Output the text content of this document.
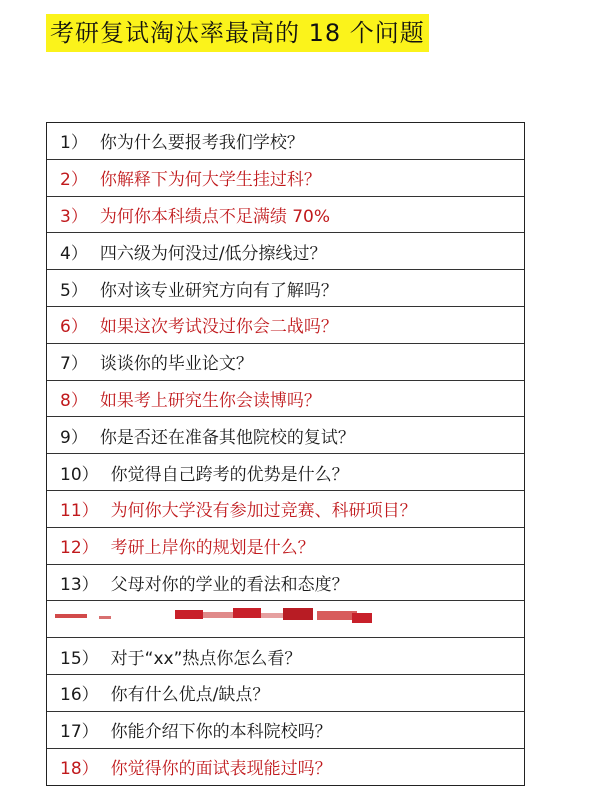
考研复试淘汰率最高的 18 个问题
1） 你为什么要报考我们学校？
2） 你解释下为何大学生挂过科？
3） 为何你本科绩点不足满绩 70%
4） 四六级为何没过/低分擦线过？
5） 你对该专业研究方向有了解吗？
6） 如果这次考试没过你会二战吗？
7） 谈谈你的毕业论文？
8） 如果考上研究生你会读博吗？
9） 你是否还在准备其他院校的复试？
10） 你觉得自己跨考的优势是什么？
11） 为何你大学没有参加过竞赛、科研项目？
12） 考研上岸你的规划是什么？
13） 父母对你的学业的看法和态度？
15） 对于“xx”热点你怎么看？
16） 你有什么优点/缺点？
17） 你能介绍下你的本科院校吗？
18） 你觉得你的面试表现能过吗？
